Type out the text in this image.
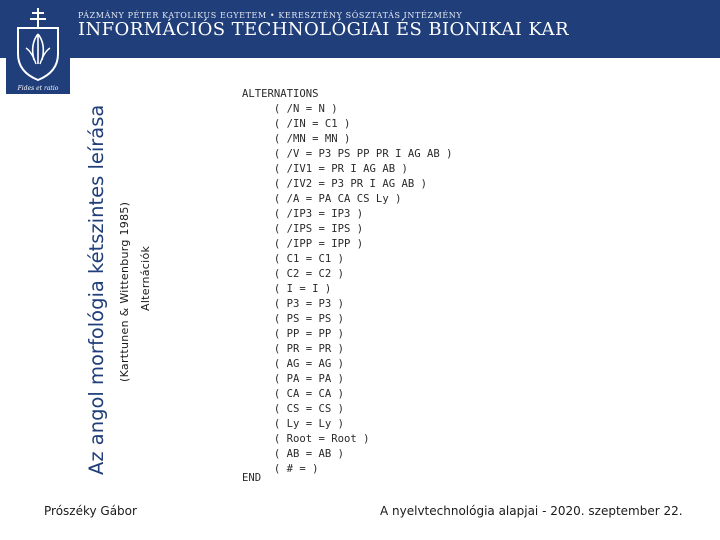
Fides et ratio
PÁZMÁNY PÉTER KATOLIKUS EGYETEM • KERESZTÉNY SÓSZTATÁS INTÉZMÉNY
INFORMÁCIÓS TECHNOLÓGIAI ÉS BIONIKAI KAR
Az angol morfológia kétszintes leírása (Karttunen & Wittenburg 1985) Alternációk
ALTERNATIONS
( /N = N )
( /IN = C1 )
( /MN = MN )
( /V = P3 PS PP PR I AG AB )
( /IV1 = PR I AG AB )
( /IV2 = P3 PR I AG AB )
( /A = PA CA CS Ly )
( /IP3 = IP3 )
( /IPS = IPS )
( /IPP = IPP )
( C1 = C1 )
( C2 = C2 )
( I = I )
( P3 = P3 )
( PS = PS )
( PP = PP )
( PR = PR )
( AG = AG )
( PA = PA )
( CA = CA )
( CS = CS )
( Ly = Ly )
( Root = Root )
( AB = AB )
( # = )
END
Prószéky Gábor	A nyelvtechnológia alapjai - 2020. szeptember 22.
